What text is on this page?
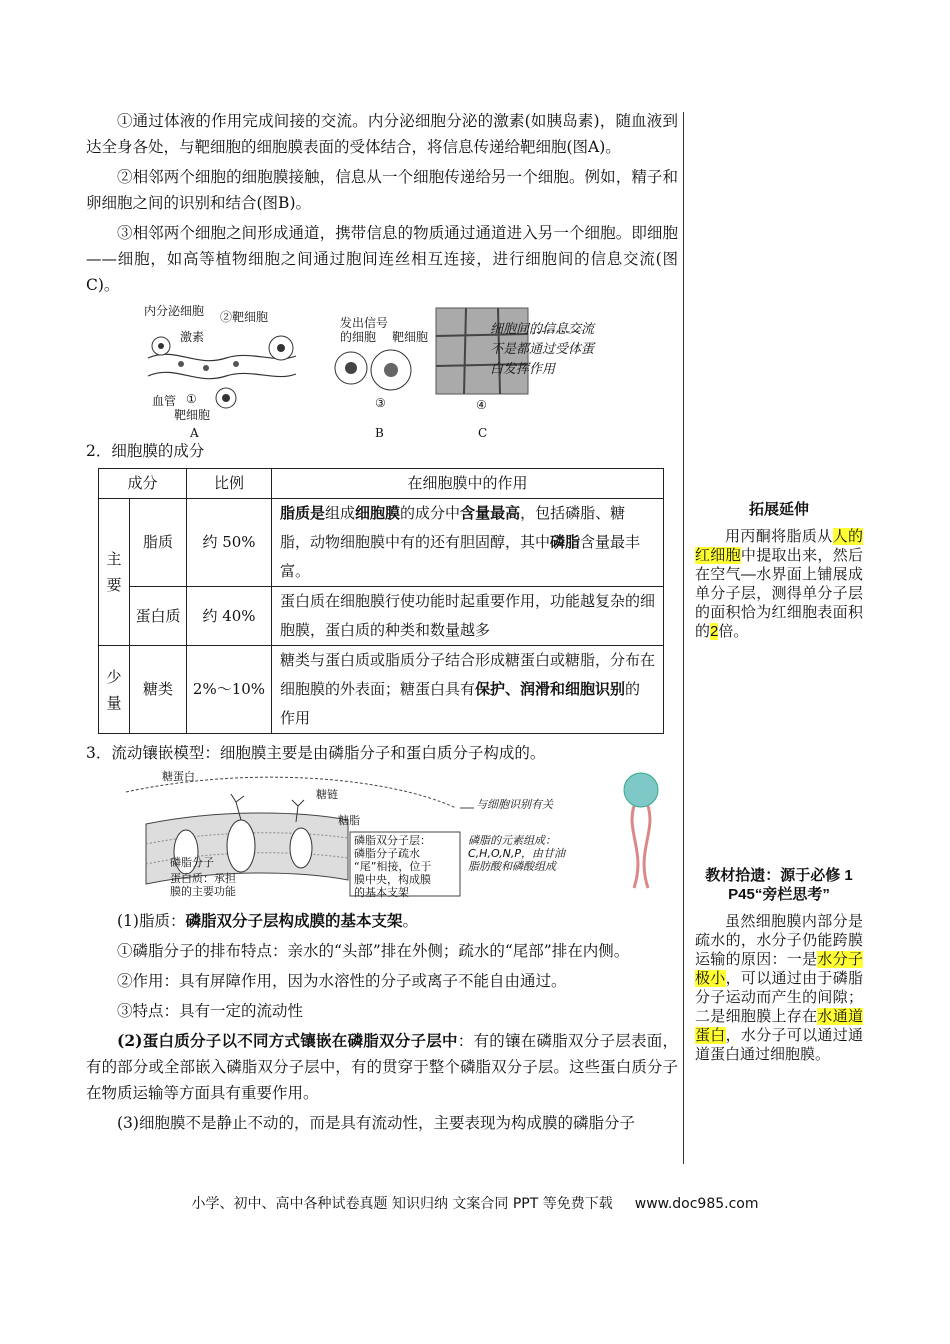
①通过体液的作用完成间接的交流。内分泌细胞分泌的激素(如胰岛素)，随血液到达全身各处，与靶细胞的细胞膜表面的受体结合，将信息传递给靶细胞(图A)。

②相邻两个细胞的细胞膜接触，信息从一个细胞传递给另一个细胞。例如，精子和卵细胞之间的识别和结合(图B)。

③相邻两个细胞之间形成通道，携带信息的物质通过通道进入另一个细胞。即细胞——细胞，如高等植物细胞之间通过胞间连丝相互连接，进行细胞间的信息交流(图C)。

内分泌细胞 ②靶细胞
激素
血管 ①
靶细胞
A
发出信号
的细胞 靶细胞
③
B
④
C
细胞间的信息交流
不是都通过受体蛋
白发挥作用

2．细胞膜的成分

成分		比例	在细胞膜中的作用
主要	脂质	约 50%	脂质是组成细胞膜的成分中含量最高，包括磷脂、糖脂，动物细胞膜中有的还有胆固醇，其中磷脂含量最丰富。
	蛋白质	约 40%	蛋白质在细胞膜行使功能时起重要作用，功能越复杂的细胞膜，蛋白质的种类和数量越多
少量	糖类	2%～10%	糖类与蛋白质或脂质分子结合形成糖蛋白或糖脂，分布在细胞膜的外表面；糖蛋白具有保护、润滑和细胞识别的作用

3．流动镶嵌模型：细胞膜主要是由磷脂分子和蛋白质分子构成的。

糖蛋白
糖链
糖脂
磷脂分子
蛋白质：承担
膜的主要功能
磷脂双分子层：
磷脂分子疏水
“尾”相接，位于
膜中央，构成膜
的基本支架
与细胞识别有关
磷脂的元素组成：
C,H,O,N,P，由甘油
脂肪酸和磷酸组成

(1)脂质：磷脂双分子层构成膜的基本支架。

①磷脂分子的排布特点：亲水的“头部”排在外侧；疏水的“尾部”排在内侧。

②作用：具有屏障作用，因为水溶性的分子或离子不能自由通过。

③特点：具有一定的流动性

(2)蛋白质分子以不同方式镶嵌在磷脂双分子层中：有的镶在磷脂双分子层表面，有的部分或全部嵌入磷脂双分子层中，有的贯穿于整个磷脂双分子层。这些蛋白质分子在物质运输等方面具有重要作用。

(3)细胞膜不是静止不动的，而是具有流动性，主要表现为构成膜的磷脂分子

拓展延伸
用丙酮将脂质从人的红细胞中提取出来，然后在空气—水界面上铺展成单分子层，测得单分子层的面积恰为红细胞表面积的2倍。
教材拾遗：源于必修 1 P45“旁栏思考”
虽然细胞膜内部分是疏水的，水分子仍能跨膜运输的原因：一是水分子极小，可以通过由于磷脂分子运动而产生的间隙；二是细胞膜上存在水通道蛋白，水分子可以通过通道蛋白通过细胞膜。
小学、初中、高中各种试卷真题 知识归纳 文案合同 PPT 等免费下载 www.doc985.com
